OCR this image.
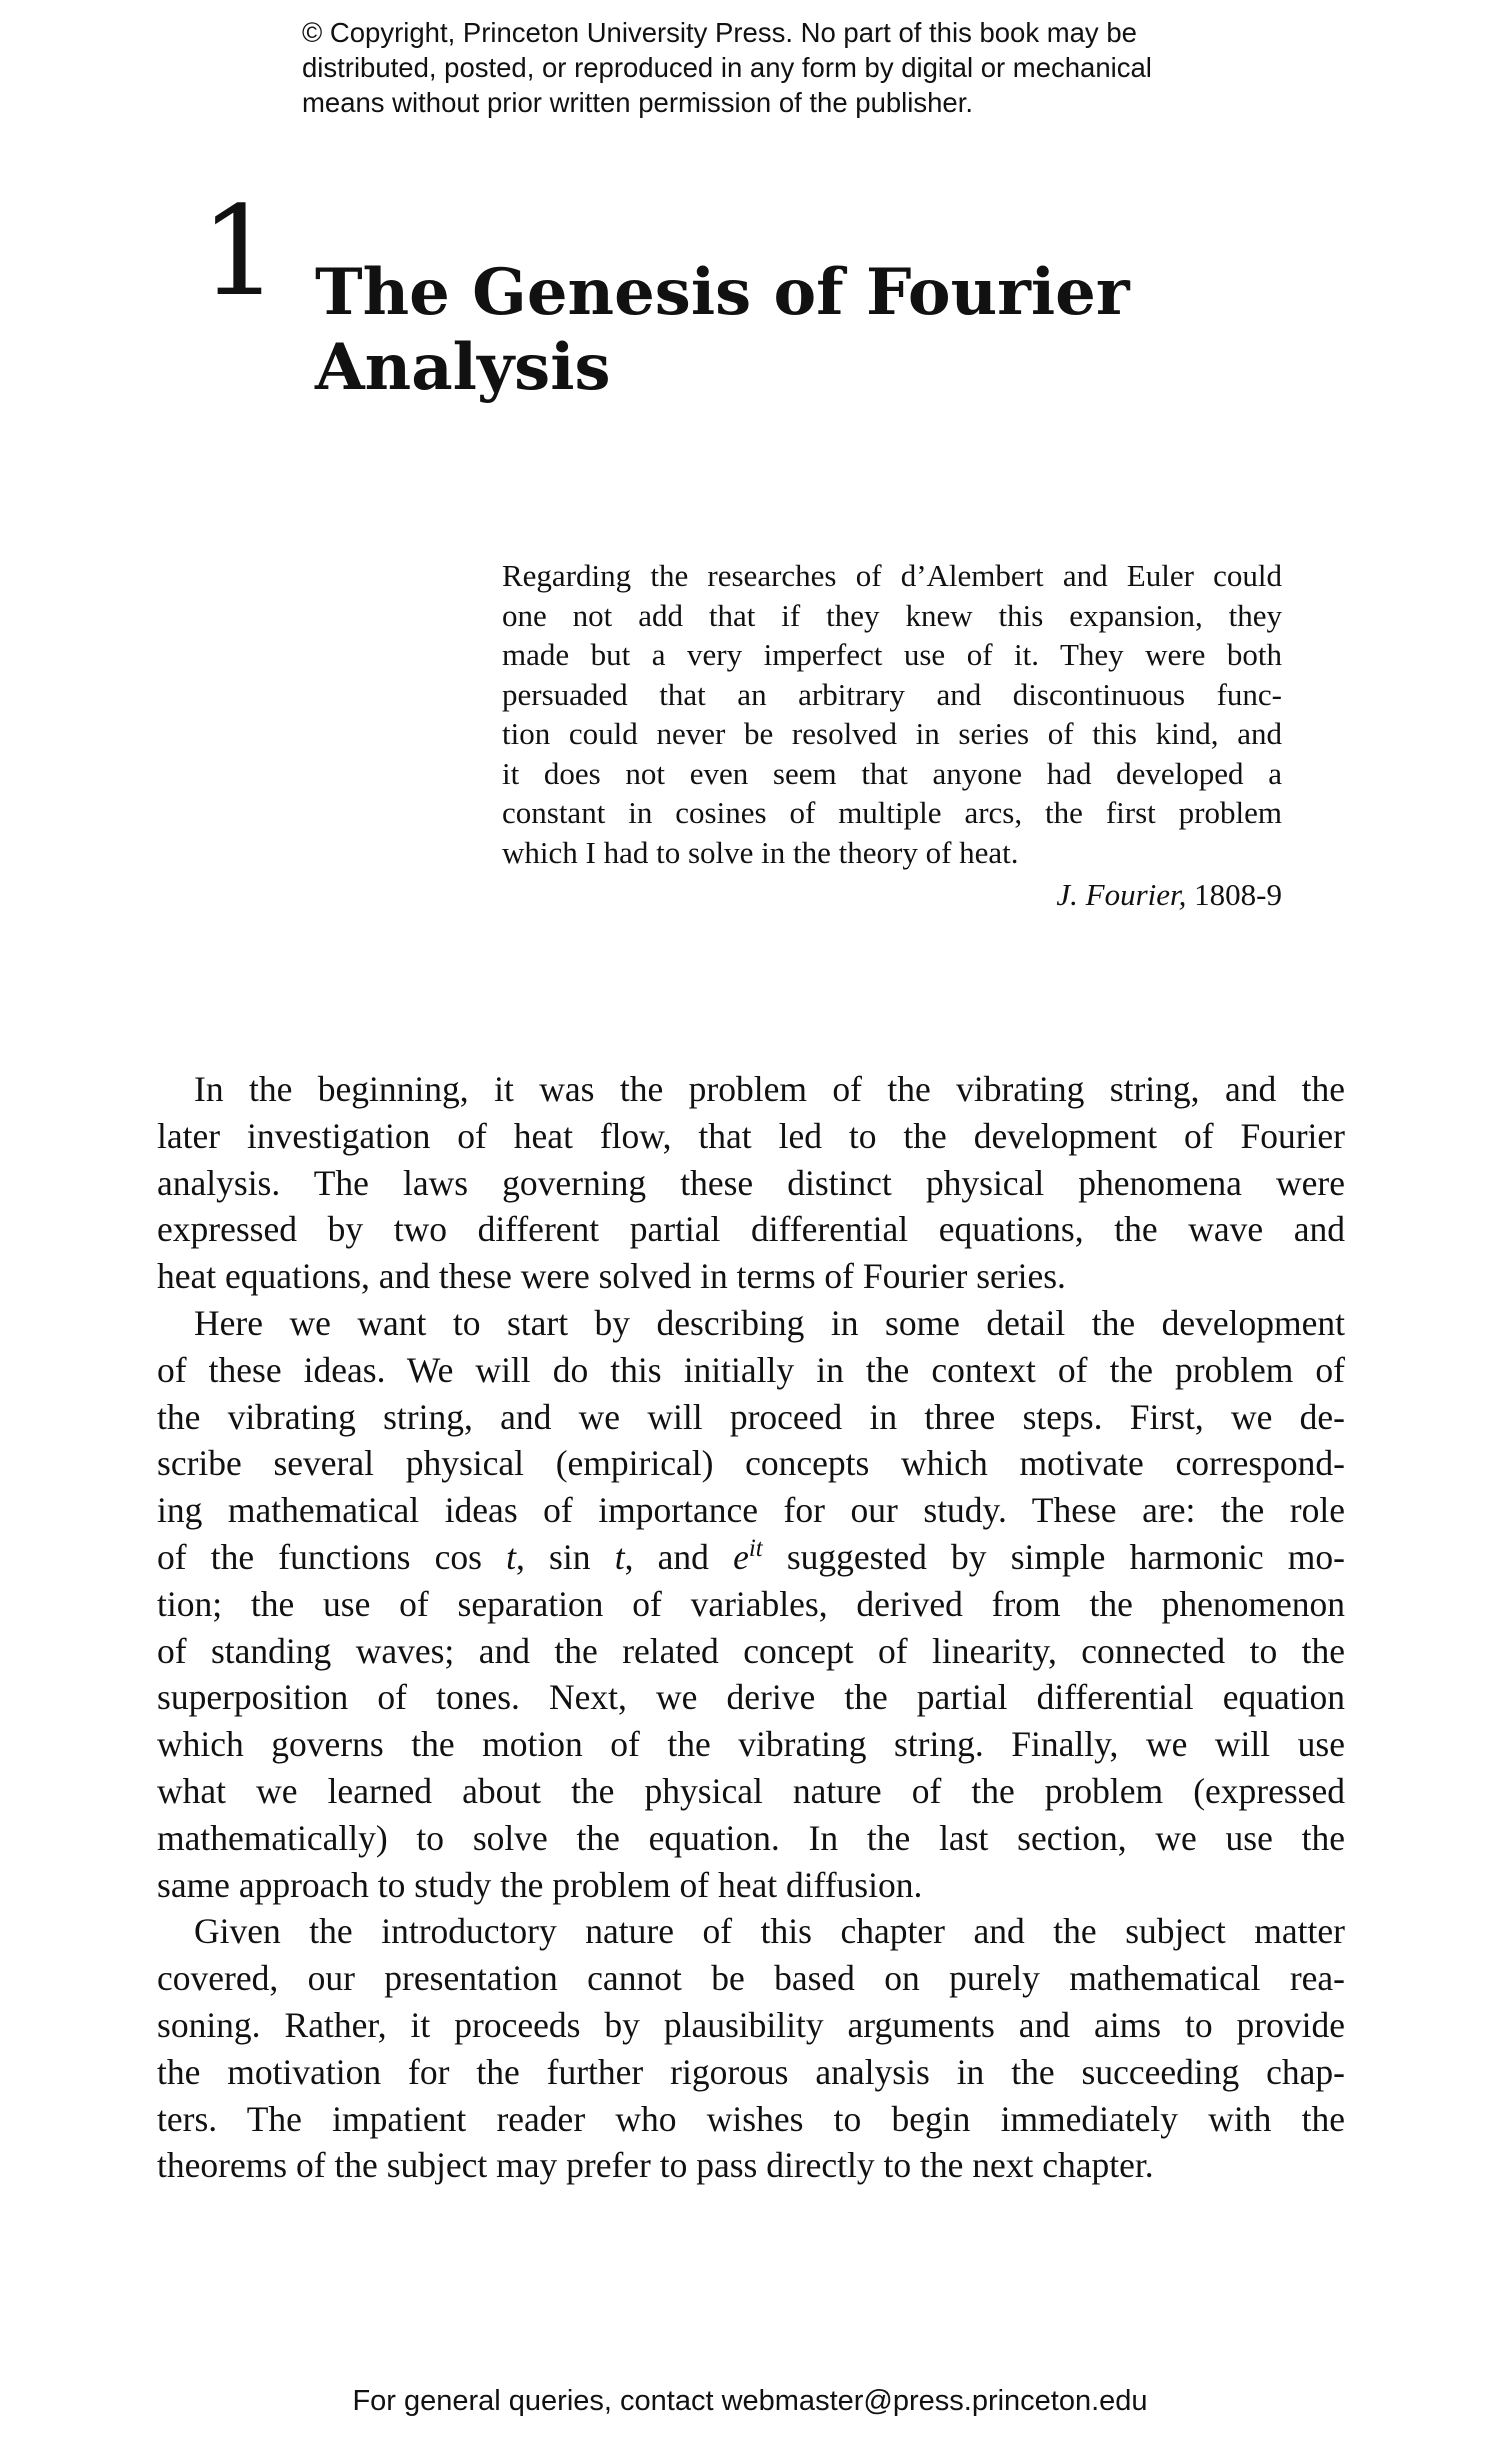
© Copyright, Princeton University Press. No part of this book may be
distributed, posted, or reproduced in any form by digital or mechanical
means without prior written permission of the publisher.
1 The Genesis of Fourier
Analysis
Regarding the researches of d’Alembert and Euler could
one not add that if they knew this expansion, they
made but a very imperfect use of it. They were both
persuaded that an arbitrary and discontinuous func-
tion could never be resolved in series of this kind, and
it does not even seem that anyone had developed a
constant in cosines of multiple arcs, the first problem
which I had to solve in the theory of heat.
J. Fourier, 1808-9
In the beginning, it was the problem of the vibrating string, and the
later investigation of heat flow, that led to the development of Fourier
analysis. The laws governing these distinct physical phenomena were
expressed by two different partial differential equations, the wave and
heat equations, and these were solved in terms of Fourier series.
Here we want to start by describing in some detail the development
of these ideas. We will do this initially in the context of the problem of
the vibrating string, and we will proceed in three steps. First, we de-
scribe several physical (empirical) concepts which motivate correspond-
ing mathematical ideas of importance for our study. These are: the role
of the functions cos t, sin t, and $e^{it}$ suggested by simple harmonic mo-
tion; the use of separation of variables, derived from the phenomenon
of standing waves; and the related concept of linearity, connected to the
superposition of tones. Next, we derive the partial differential equation
which governs the motion of the vibrating string. Finally, we will use
what we learned about the physical nature of the problem (expressed
mathematically) to solve the equation. In the last section, we use the
same approach to study the problem of heat diffusion.
Given the introductory nature of this chapter and the subject matter
covered, our presentation cannot be based on purely mathematical rea-
soning. Rather, it proceeds by plausibility arguments and aims to provide
the motivation for the further rigorous analysis in the succeeding chap-
ters. The impatient reader who wishes to begin immediately with the
theorems of the subject may prefer to pass directly to the next chapter.
For general queries, contact webmaster@press.princeton.edu
